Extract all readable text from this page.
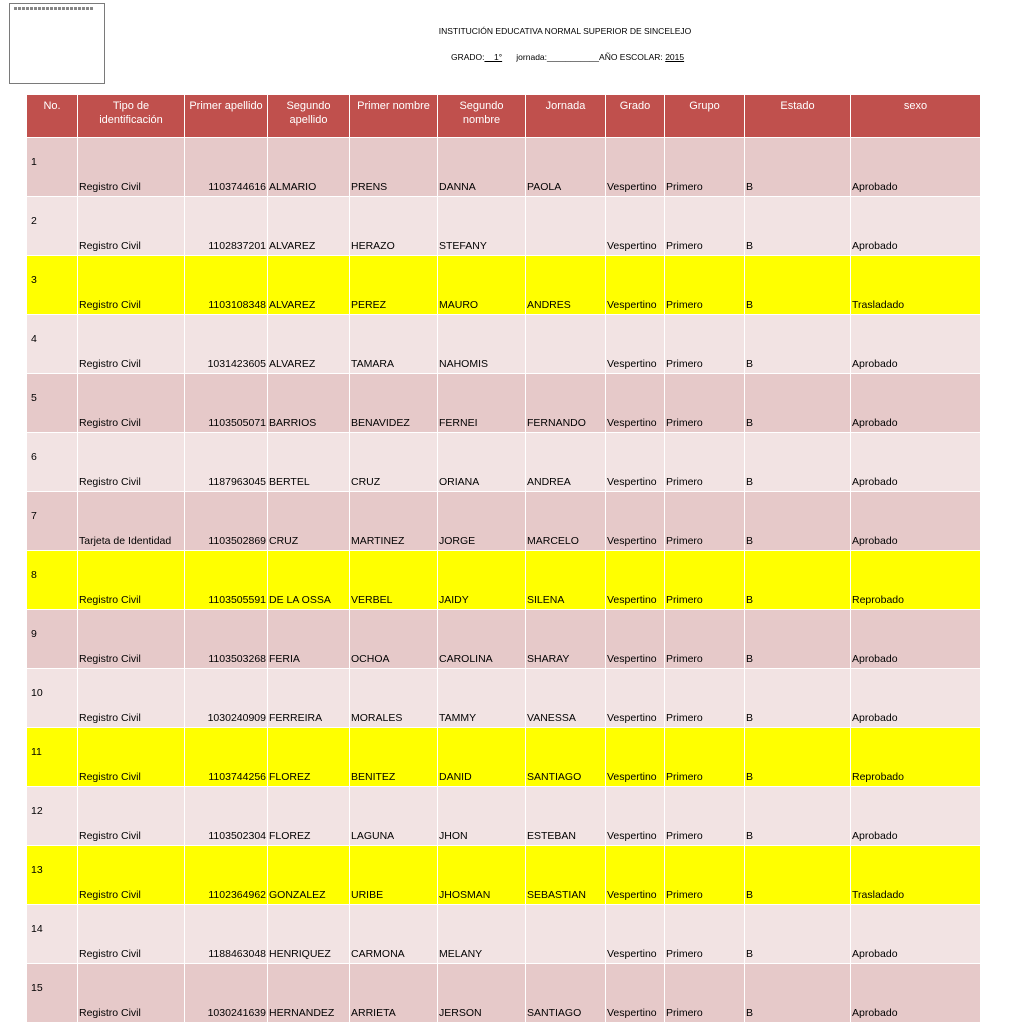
INSTITUCIÓN EDUCATIVA NORMAL SUPERIOR DE SINCELEJO
GRADO:__1° jornada:___________AÑO ESCOLAR: 2015
No.	Tipo de identificación	Primer apellido	Segundo apellido	Primer nombre	Segundo nombre	Jornada	Grado	Grupo	Estado	sexo
1	Registro Civil	1103744616	ALMARIO	PRENS	DANNA	PAOLA	Vespertino	Primero	B	Aprobado
2	Registro Civil	1102837201	ALVAREZ	HERAZO	STEFANY		Vespertino	Primero	B	Aprobado
3	Registro Civil	1103108348	ALVAREZ	PEREZ	MAURO	ANDRES	Vespertino	Primero	B	Trasladado
4	Registro Civil	1031423605	ALVAREZ	TAMARA	NAHOMIS		Vespertino	Primero	B	Aprobado
5	Registro Civil	1103505071	BARRIOS	BENAVIDEZ	FERNEI	FERNANDO	Vespertino	Primero	B	Aprobado
6	Registro Civil	1187963045	BERTEL	CRUZ	ORIANA	ANDREA	Vespertino	Primero	B	Aprobado
7	Tarjeta de Identidad	1103502869	CRUZ	MARTINEZ	JORGE	MARCELO	Vespertino	Primero	B	Aprobado
8	Registro Civil	1103505591	DE LA OSSA	VERBEL	JAIDY	SILENA	Vespertino	Primero	B	Reprobado
9	Registro Civil	1103503268	FERIA	OCHOA	CAROLINA	SHARAY	Vespertino	Primero	B	Aprobado
10	Registro Civil	1030240909	FERREIRA	MORALES	TAMMY	VANESSA	Vespertino	Primero	B	Aprobado
11	Registro Civil	1103744256	FLOREZ	BENITEZ	DANID	SANTIAGO	Vespertino	Primero	B	Reprobado
12	Registro Civil	1103502304	FLOREZ	LAGUNA	JHON	ESTEBAN	Vespertino	Primero	B	Aprobado
13	Registro Civil	1102364962	GONZALEZ	URIBE	JHOSMAN	SEBASTIAN	Vespertino	Primero	B	Trasladado
14	Registro Civil	1188463048	HENRIQUEZ	CARMONA	MELANY		Vespertino	Primero	B	Aprobado
15	Registro Civil	1030241639	HERNANDEZ	ARRIETA	JERSON	SANTIAGO	Vespertino	Primero	B	Aprobado
